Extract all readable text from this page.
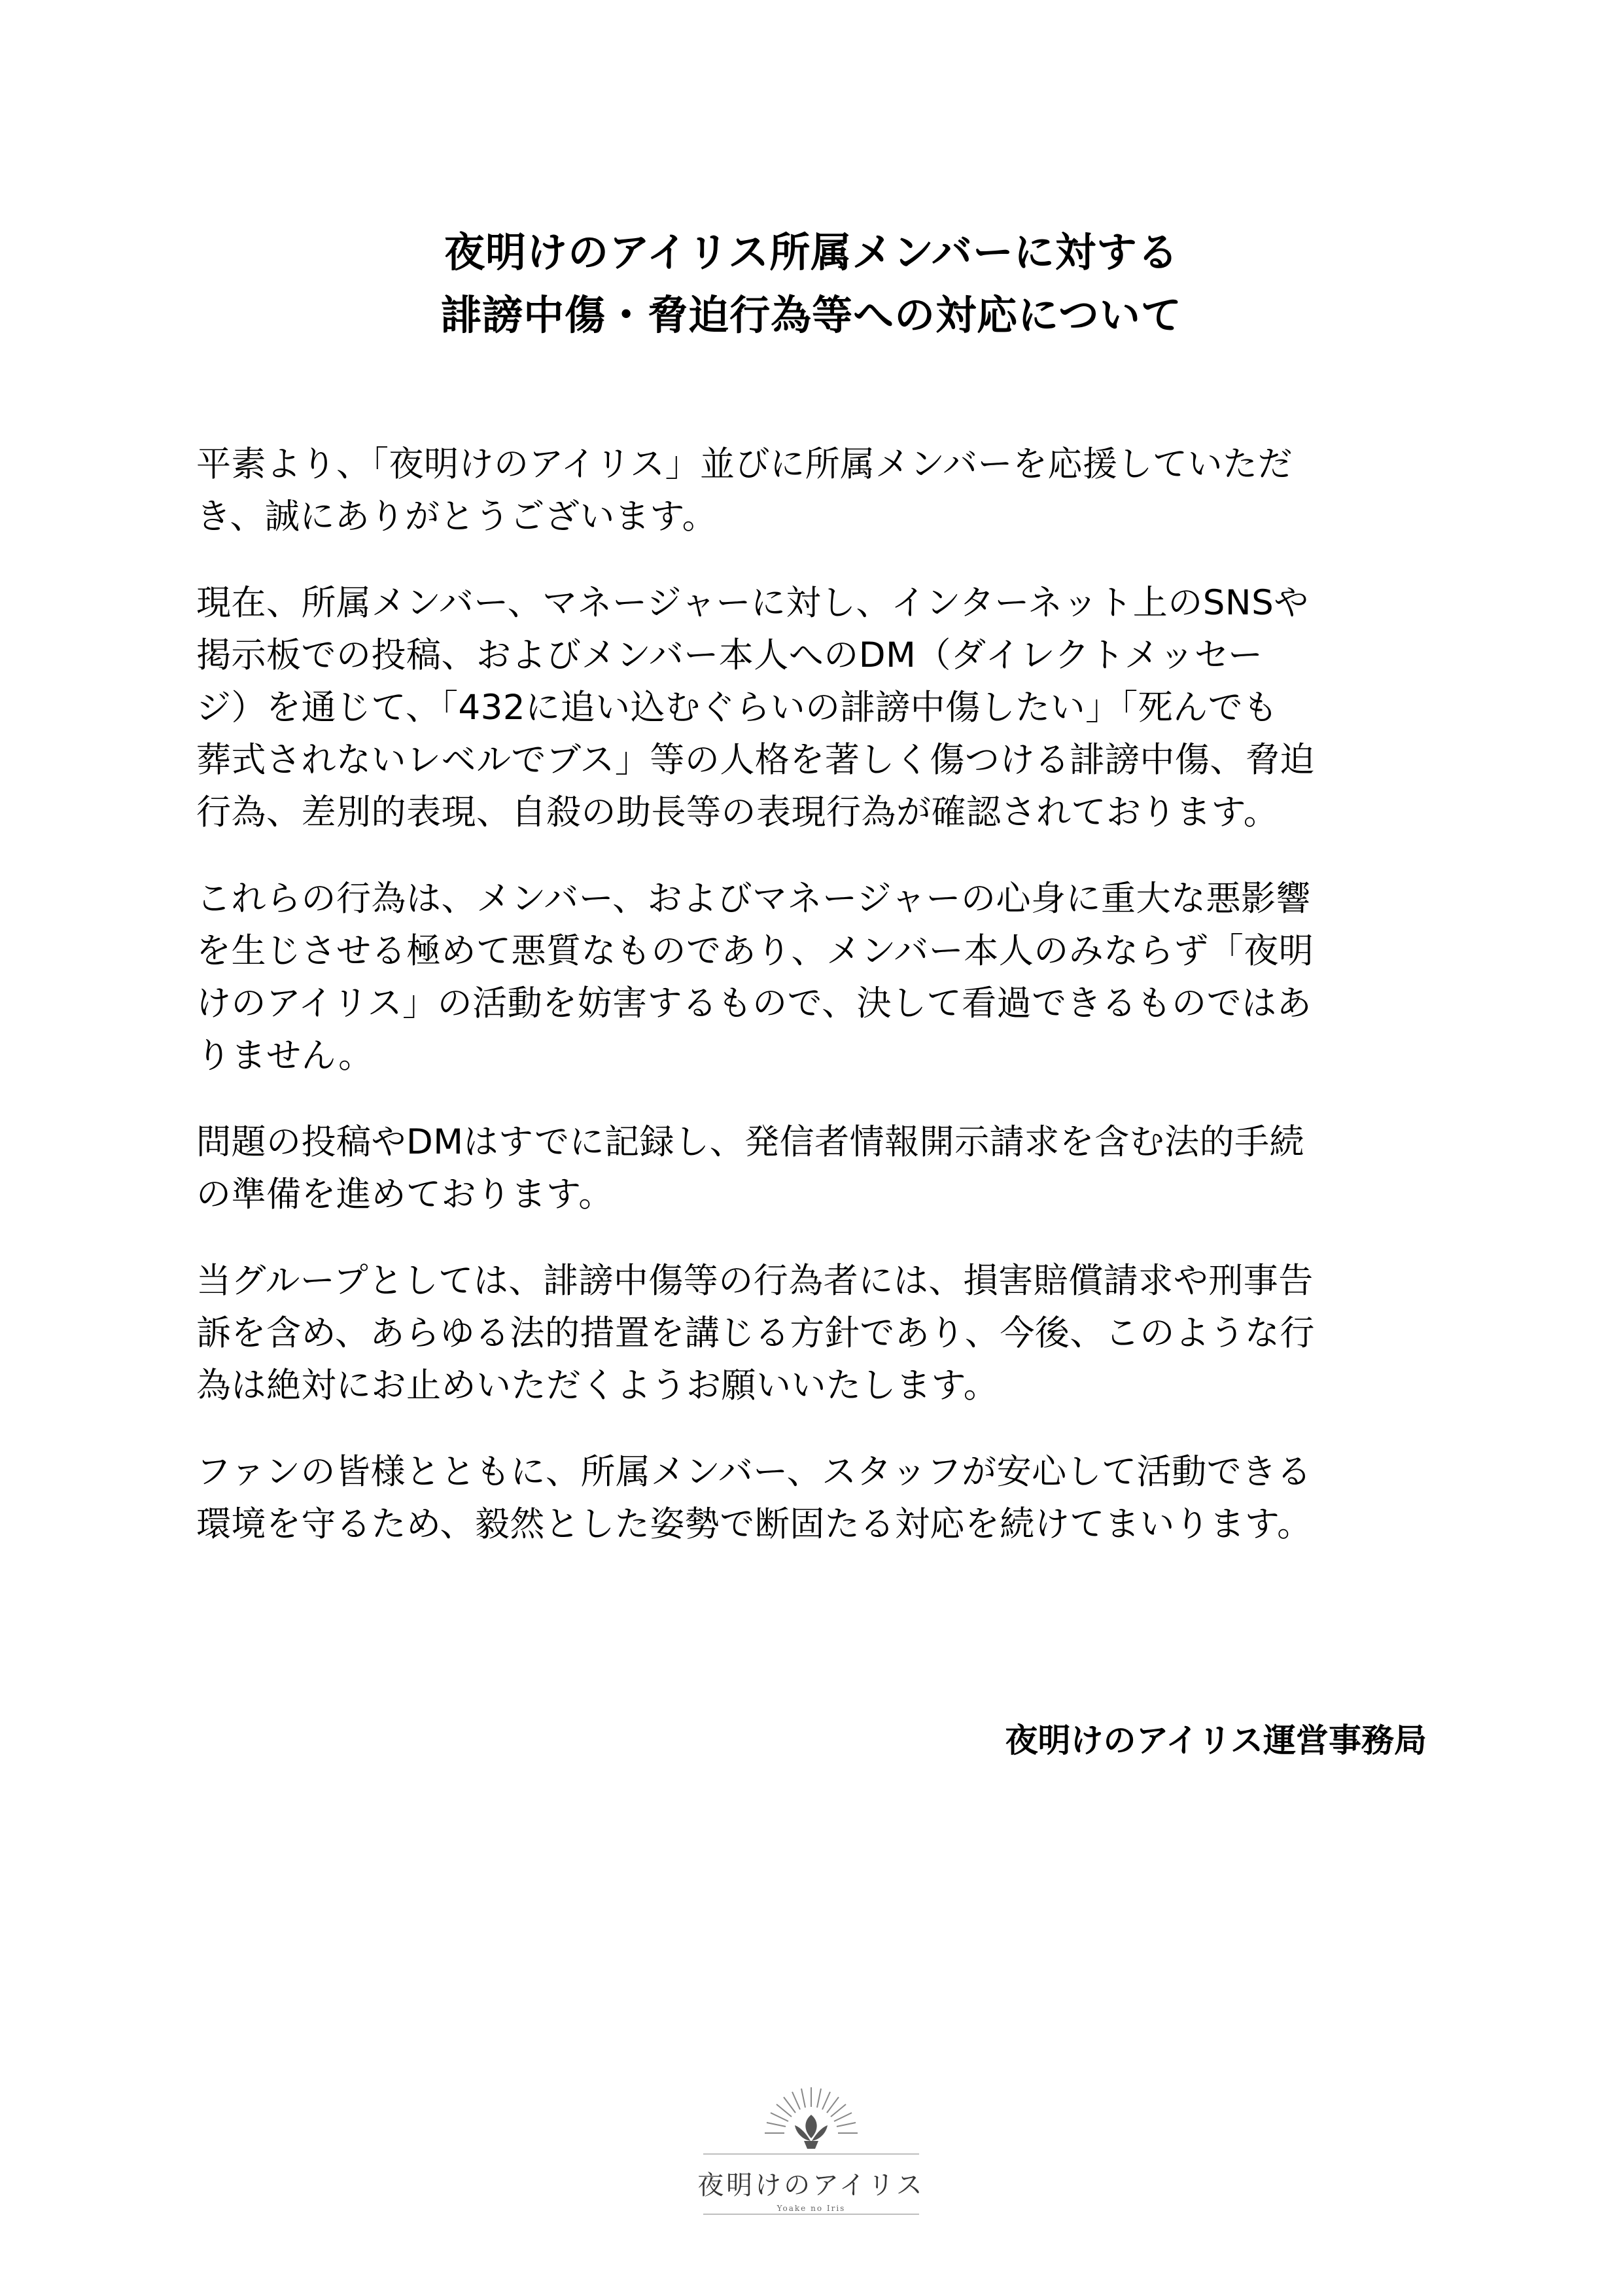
夜明けのアイリス所属メンバーに対する
誹謗中傷・脅迫行為等への対応について
平素より、「夜明けのアイリス」並びに所属メンバーを応援していただ
き、誠にありがとうございます。
現在、所属メンバー、マネージャーに対し、インターネット上のSNSや
掲示板での投稿、およびメンバー本人へのDM（ダイレクトメッセー
ジ）を通じて、「432に追い込むぐらいの誹謗中傷したい」「死んでも
葬式されないレベルでブス」等の人格を著しく傷つける誹謗中傷、脅迫
行為、差別的表現、自殺の助長等の表現行為が確認されております。
これらの行為は、メンバー、およびマネージャーの心身に重大な悪影響
を生じさせる極めて悪質なものであり、メンバー本人のみならず「夜明
けのアイリス」の活動を妨害するもので、決して看過できるものではあ
りません。
問題の投稿やDMはすでに記録し、発信者情報開示請求を含む法的手続
の準備を進めております。
当グループとしては、誹謗中傷等の行為者には、損害賠償請求や刑事告
訴を含め、あらゆる法的措置を講じる方針であり、今後、このような行
為は絶対にお止めいただくようお願いいたします。
ファンの皆様とともに、所属メンバー、スタッフが安心して活動できる
環境を守るため、毅然とした姿勢で断固たる対応を続けてまいります。
夜明けのアイリス運営事務局
夜明けのアイリス
Yoake no Iris
